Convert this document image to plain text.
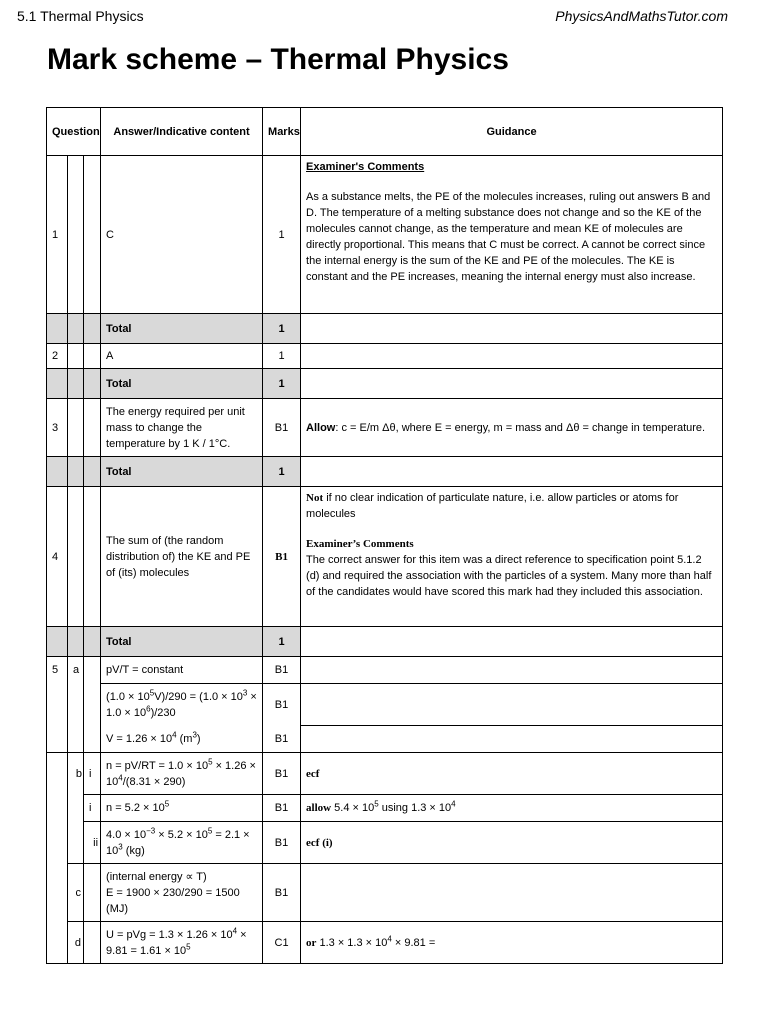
5.1 Thermal Physics	PhysicsAndMathsTutor.com
Mark scheme – Thermal Physics
Question			Answer/Indicative content	Marks	Guidance
1			C	1	Examiner's Comments

As a substance melts, the PE of the molecules increases, ruling out answers B and D. The temperature of a melting substance does not change and so the KE of the molecules cannot change, as the temperature and mean KE of molecules are directly proportional. This means that C must be correct. A cannot be correct since the internal energy is the sum of the KE and PE of the molecules. The KE is constant and the PE increases, meaning the internal energy must also increase.

			Total	1	
2			A	1	
			Total	1	
3			The energy required per unit mass to change the temperature by 1 K / 1°C.	B1	Allow: c = E/m Δθ, where E = energy, m = mass and Δθ = change in temperature.
			Total	1	
4			The sum of (the random distribution of) the KE and PE of (its) molecules	B1	Not if no clear indication of particulate nature, i.e. allow particles or atoms for molecules

Examiner’s Comments

The correct answer for this item was a direct reference to specification point 5.1.2 (d) and required the association with the particles of a system. Many more than half of the candidates would have scored this mark had they included this association.

			Total	1	
5	a		pV/T = constant	B1	
			$(1.0 \times 10^5V)/290 = (1.0 \times 10^3 \times 1.0 \times 10^6)/230$	B1	
			$V = 1.26 \times 10^4$ $(m^3)$	B1	
	b	i	$n = pV/RT = 1.0 \times 10^5 \times 1.26 \times 10^4/(8.31 \times 290)$	B1	ecf
		i	$n = 5.2 \times 10^5$	B1	allow $5.4 \times 10^5$ using $1.3 \times 10^4$
		ii	$4.0 \times 10^{-3} \times 5.2 \times 10^5 = 2.1 \times 10^3$ (kg)	B1	ecf (i)
	c		(internal energy ∝ T)

E = 1900 × 230/290 = 1500 (MJ)	B1	
	d		U = pVg = $1.3 \times 1.26 \times 10^4 \times 9.81 = 1.61 \times 10^5$	C1	or $1.3 \times 1.3 \times 10^4 \times 9.81$ =
